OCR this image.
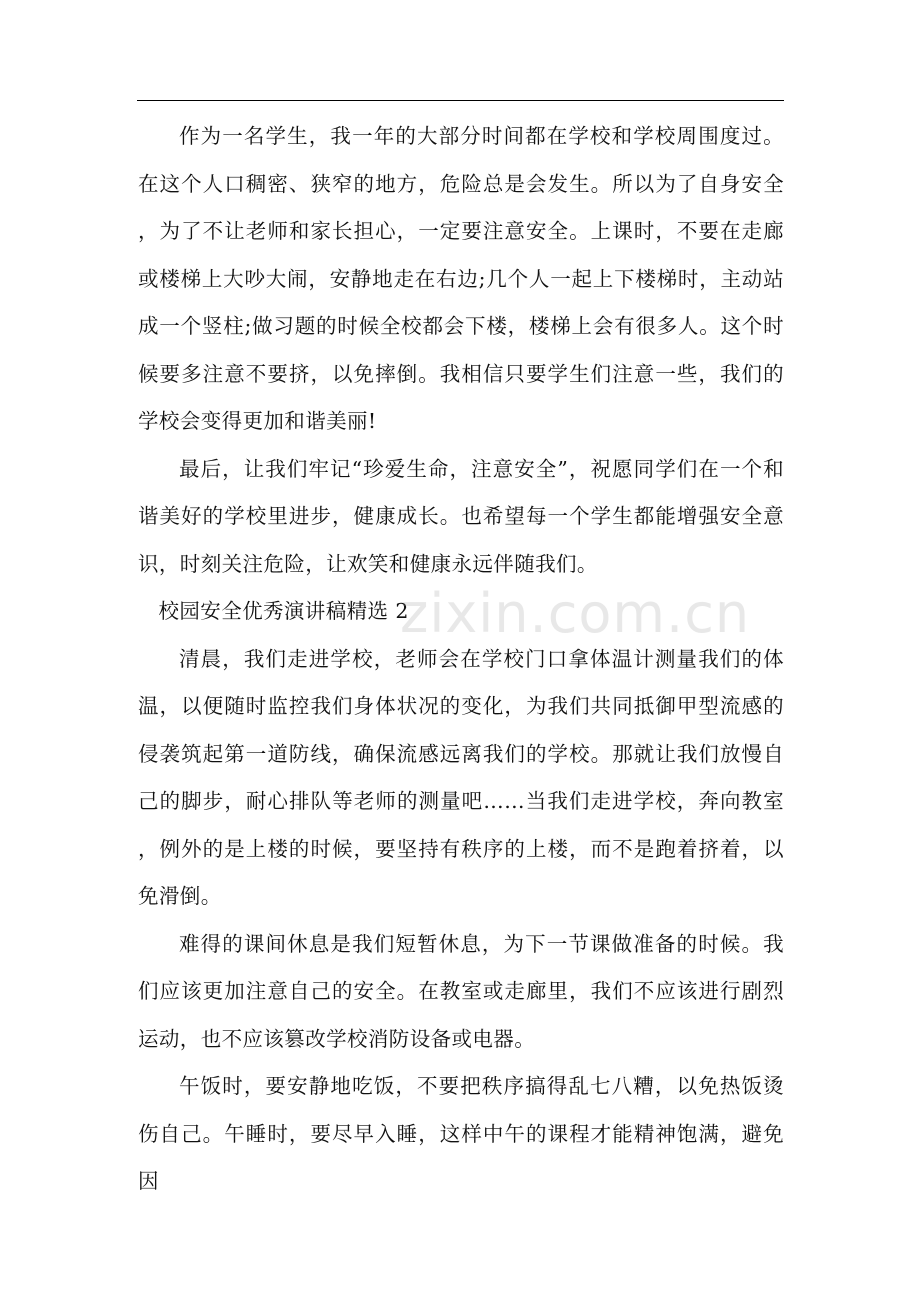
作为一名学生，我一年的大部分时间都在学校和学校周围度过。在这个人口稠密、狭窄的地方，危险总是会发生。所以为了自身安全，为了不让老师和家长担心，一定要注意安全。上课时，不要在走廊或楼梯上大吵大闹，安静地走在右边;几个人一起上下楼梯时，主动站成一个竖柱;做习题的时候全校都会下楼，楼梯上会有很多人。这个时候要多注意不要挤，以免摔倒。我相信只要学生们注意一些，我们的学校会变得更加和谐美丽!

最后，让我们牢记“珍爱生命，注意安全”，祝愿同学们在一个和谐美好的学校里进步，健康成长。也希望每一个学生都能增强安全意识，时刻关注危险，让欢笑和健康永远伴随我们。

校园安全优秀演讲稿精选 2

清晨，我们走进学校，老师会在学校门口拿体温计测量我们的体温，以便随时监控我们身体状况的变化，为我们共同抵御甲型流感的侵袭筑起第一道防线，确保流感远离我们的学校。那就让我们放慢自己的脚步，耐心排队等老师的测量吧……当我们走进学校，奔向教室，例外的是上楼的时候，要坚持有秩序的上楼，而不是跑着挤着，以免滑倒。

难得的课间休息是我们短暂休息，为下一节课做准备的时候。我们应该更加注意自己的安全。在教室或走廊里，我们不应该进行剧烈运动，也不应该篡改学校消防设备或电器。

午饭时，要安静地吃饭，不要把秩序搞得乱七八糟，以免热饭烫伤自己。午睡时，要尽早入睡，这样中午的课程才能精神饱满，避免因

zixin.com.cn
